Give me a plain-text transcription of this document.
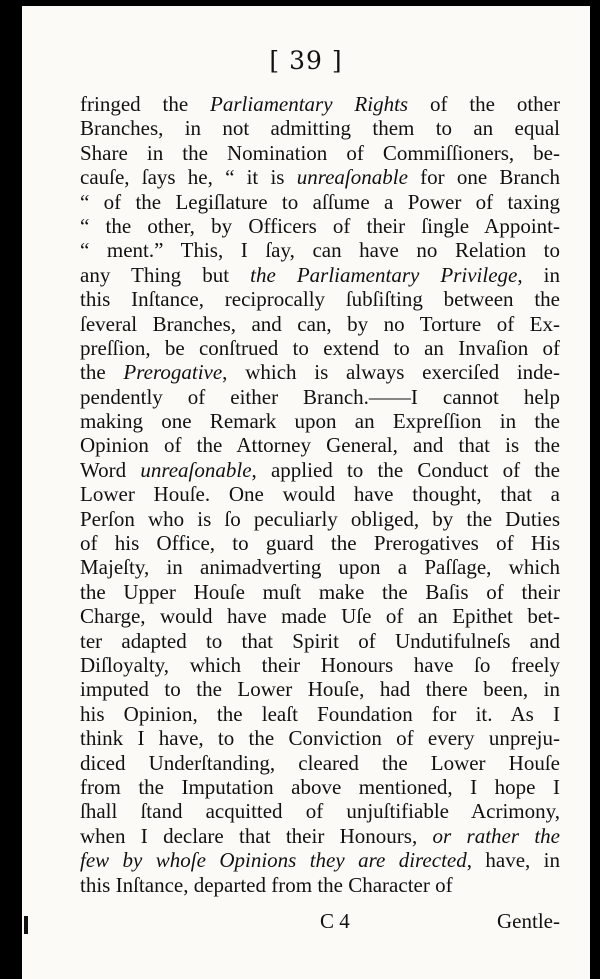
[ 39 ]
fringed the Parliamentary Rights of the other
Branches, in not admitting them to an equal
Share in the Nomination of Commiſſioners, be-
cauſe, ſays he, “ it is unreaſonable for one Branch
“ of the Legiſlature to aſſume a Power of taxing
“ the other, by Officers of their ſingle Appoint-
“ ment.” This, I ſay, can have no Relation to
any Thing but the Parliamentary Privilege, in
this Inſtance, reciprocally ſubſiſting between the
ſeveral Branches, and can, by no Torture of Ex-
preſſion, be conſtrued to extend to an Invaſion of
the Prerogative, which is always exerciſed inde-
pendently of either Branch.——I cannot help
making one Remark upon an Expreſſion in the
Opinion of the Attorney General, and that is the
Word unreaſonable, applied to the Conduct of the
Lower Houſe. One would have thought, that a
Perſon who is ſo peculiarly obliged, by the Duties
of his Office, to guard the Prerogatives of His
Majeſty, in animadverting upon a Paſſage, which
the Upper Houſe muſt make the Baſis of their
Charge, would have made Uſe of an Epithet bet-
ter adapted to that Spirit of Undutifulneſs and
Diſloyalty, which their Honours have ſo freely
imputed to the Lower Houſe, had there been, in
his Opinion, the leaſt Foundation for it. As I
think I have, to the Conviction of every unpreju-
diced Underſtanding, cleared the Lower Houſe
from the Imputation above mentioned, I hope I
ſhall ſtand acquitted of unjuſtifiable Acrimony,
when I declare that their Honours, or rather the
few by whoſe Opinions they are directed, have, in
this Inſtance, departed from the Character of
C 4	Gentle-
